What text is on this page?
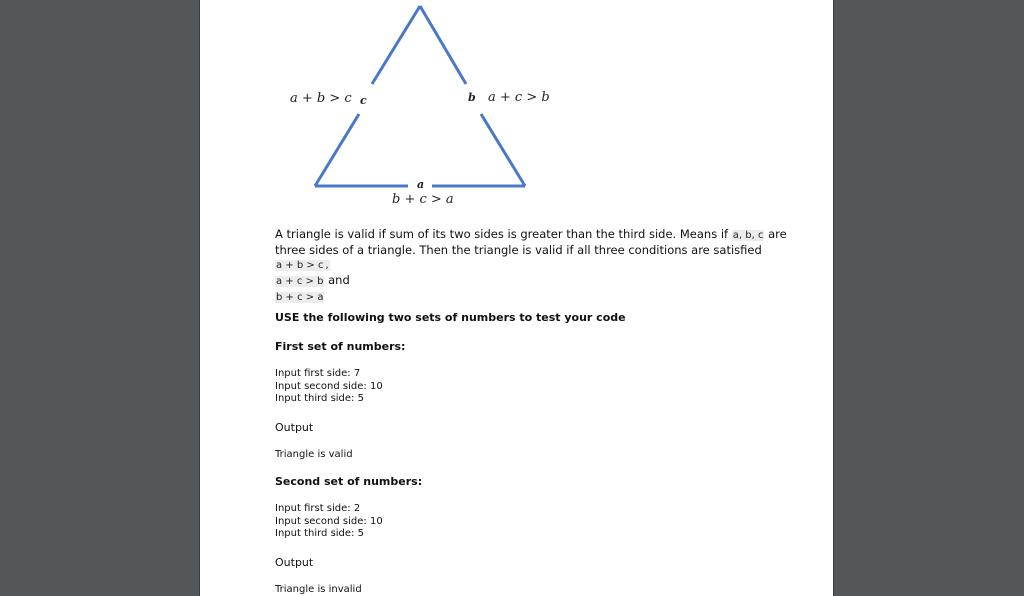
a + b > c c	b a + c > b
a
b + c > a
A triangle is valid if sum of its two sides is greater than the third side. Means if a, b, c are
three sides of a triangle. Then the triangle is valid if all three conditions are satisfied
a + b > c ,
a + c > b and
b + c > a
USE the following two sets of numbers to test your code
First set of numbers:
Input first side: 7
Input second side: 10
Input third side: 5
Output
Triangle is valid
Second set of numbers:
Input first side: 2
Input second side: 10
Input third side: 5
Output
Triangle is invalid
